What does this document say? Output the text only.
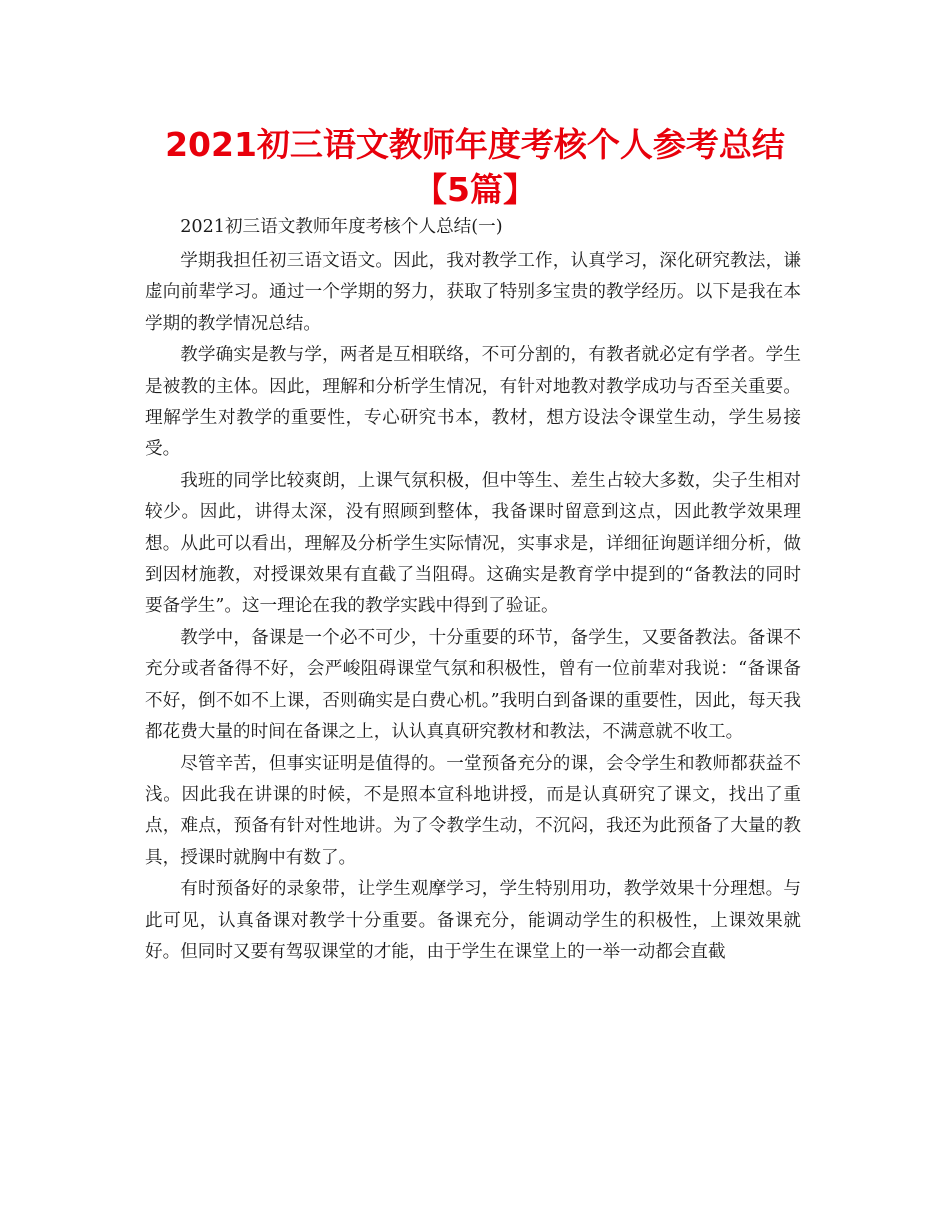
2021初三语文教师年度考核个人参考总结【5篇】

2021初三语文教师年度考核个人总结(一)

学期我担任初三语文语文。因此，我对教学工作，认真学习，深化研究教法，谦虚向前辈学习。通过一个学期的努力，获取了特别多宝贵的教学经历。以下是我在本学期的教学情况总结。

教学确实是教与学，两者是互相联络，不可分割的，有教者就必定有学者。学生是被教的主体。因此，理解和分析学生情况，有针对地教对教学成功与否至关重要。理解学生对教学的重要性，专心研究书本，教材，想方设法令课堂生动，学生易接受。

我班的同学比较爽朗，上课气氛积极，但中等生、差生占较大多数，尖子生相对较少。因此，讲得太深，没有照顾到整体，我备课时留意到这点，因此教学效果理想。从此可以看出，理解及分析学生实际情况，实事求是，详细征询题详细分析，做到因材施教，对授课效果有直截了当阻碍。这确实是教育学中提到的“备教法的同时要备学生”。这一理论在我的教学实践中得到了验证。

教学中，备课是一个必不可少，十分重要的环节，备学生，又要备教法。备课不充分或者备得不好，会严峻阻碍课堂气氛和积极性，曾有一位前辈对我说：“备课备不好，倒不如不上课，否则确实是白费心机。”我明白到备课的重要性，因此，每天我都花费大量的时间在备课之上，认认真真研究教材和教法，不满意就不收工。

尽管辛苦，但事实证明是值得的。一堂预备充分的课，会令学生和教师都获益不浅。因此我在讲课的时候，不是照本宣科地讲授，而是认真研究了课文，找出了重点，难点，预备有针对性地讲。为了令教学生动，不沉闷，我还为此预备了大量的教具，授课时就胸中有数了。

有时预备好的录象带，让学生观摩学习，学生特别用功，教学效果十分理想。与此可见，认真备课对教学十分重要。备课充分，能调动学生的积极性，上课效果就好。但同时又要有驾驭课堂的才能，由于学生在课堂上的一举一动都会直截
